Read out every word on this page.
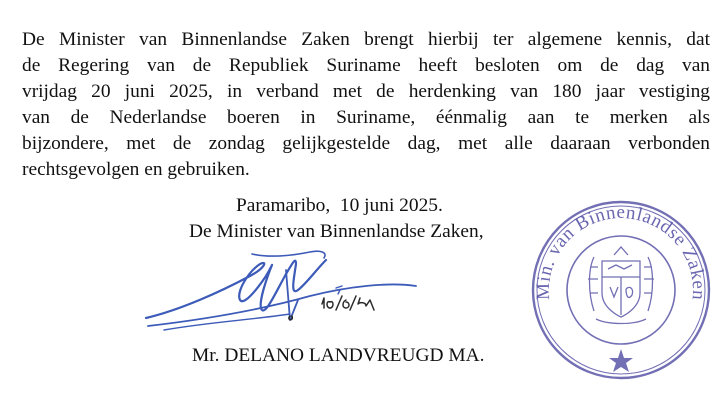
De Minister van Binnenlandse Zaken brengt hierbij ter algemene kennis, dat
de Regering van de Republiek Suriname heeft besloten om de dag van
vrijdag 20 juni 2025, in verband met de herdenking van 180 jaar vestiging
van de Nederlandse boeren in Suriname, éénmalig aan te merken als
bijzondere, met de zondag gelijkgestelde dag, met alle daaraan verbonden
rechtsgevolgen en gebruiken.

Paramaribo,  10 juni 2025.
De Minister van Binnenlandse Zaken,
Mr. DELANO LANDVREUGD MA.
Min. van Binnenlandse Zaken
